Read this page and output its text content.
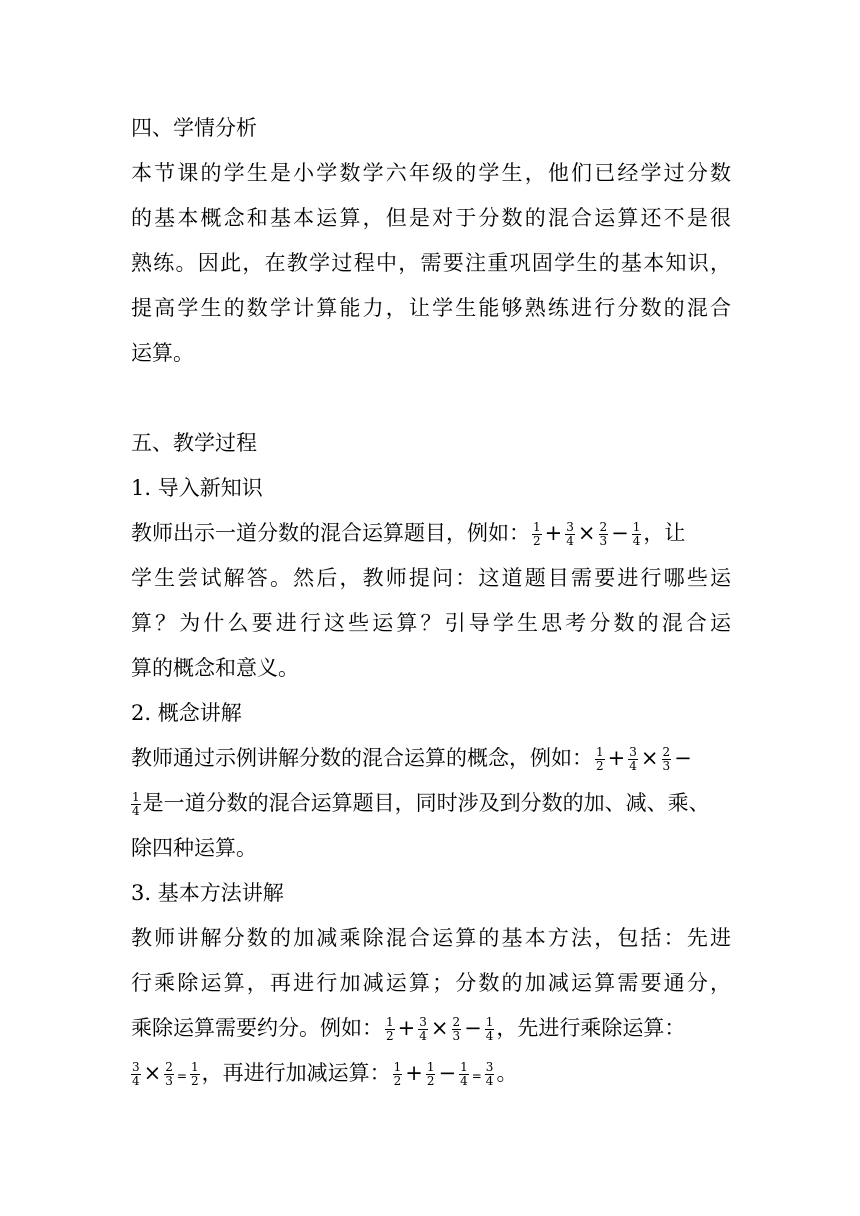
四、学情分析
本节课的学生是小学数学六年级的学生，他们已经学过分数
的基本概念和基本运算，但是对于分数的混合运算还不是很
熟练。因此，在教学过程中，需要注重巩固学生的基本知识，
提高学生的数学计算能力，让学生能够熟练进行分数的混合
运算。
五、教学过程
1. 导入新知识
教师出示一道分数的混合运算题目，例如： $\frac{1}{2} + \frac{3}{4} \times \frac{2}{3} - \frac{1}{4}$ ，让
学生尝试解答。然后，教师提问：这道题目需要进行哪些运
算？为什么要进行这些运算？引导学生思考分数的混合运
算的概念和意义。
2. 概念讲解
教师通过示例讲解分数的混合运算的概念，例如： $\frac{1}{2} + \frac{3}{4} \times \frac{2}{3}$ −
$\frac{1}{4}$ 是一道分数的混合运算题目，同时涉及到分数的加、减、乘、
除四种运算。
3. 基本方法讲解
教师讲解分数的加减乘除混合运算的基本方法，包括：先进
行乘除运算，再进行加减运算；分数的加减运算需要通分，
乘除运算需要约分。例如： $\frac{1}{2} + \frac{3}{4} \times \frac{2}{3} - \frac{1}{4}$ ，先进行乘除运算：
$\frac{3}{4} \times \frac{2}{3} = \frac{1}{2}$ ，再进行加减运算： $\frac{1}{2} + \frac{1}{2} - \frac{1}{4} = \frac{3}{4}$ 。
